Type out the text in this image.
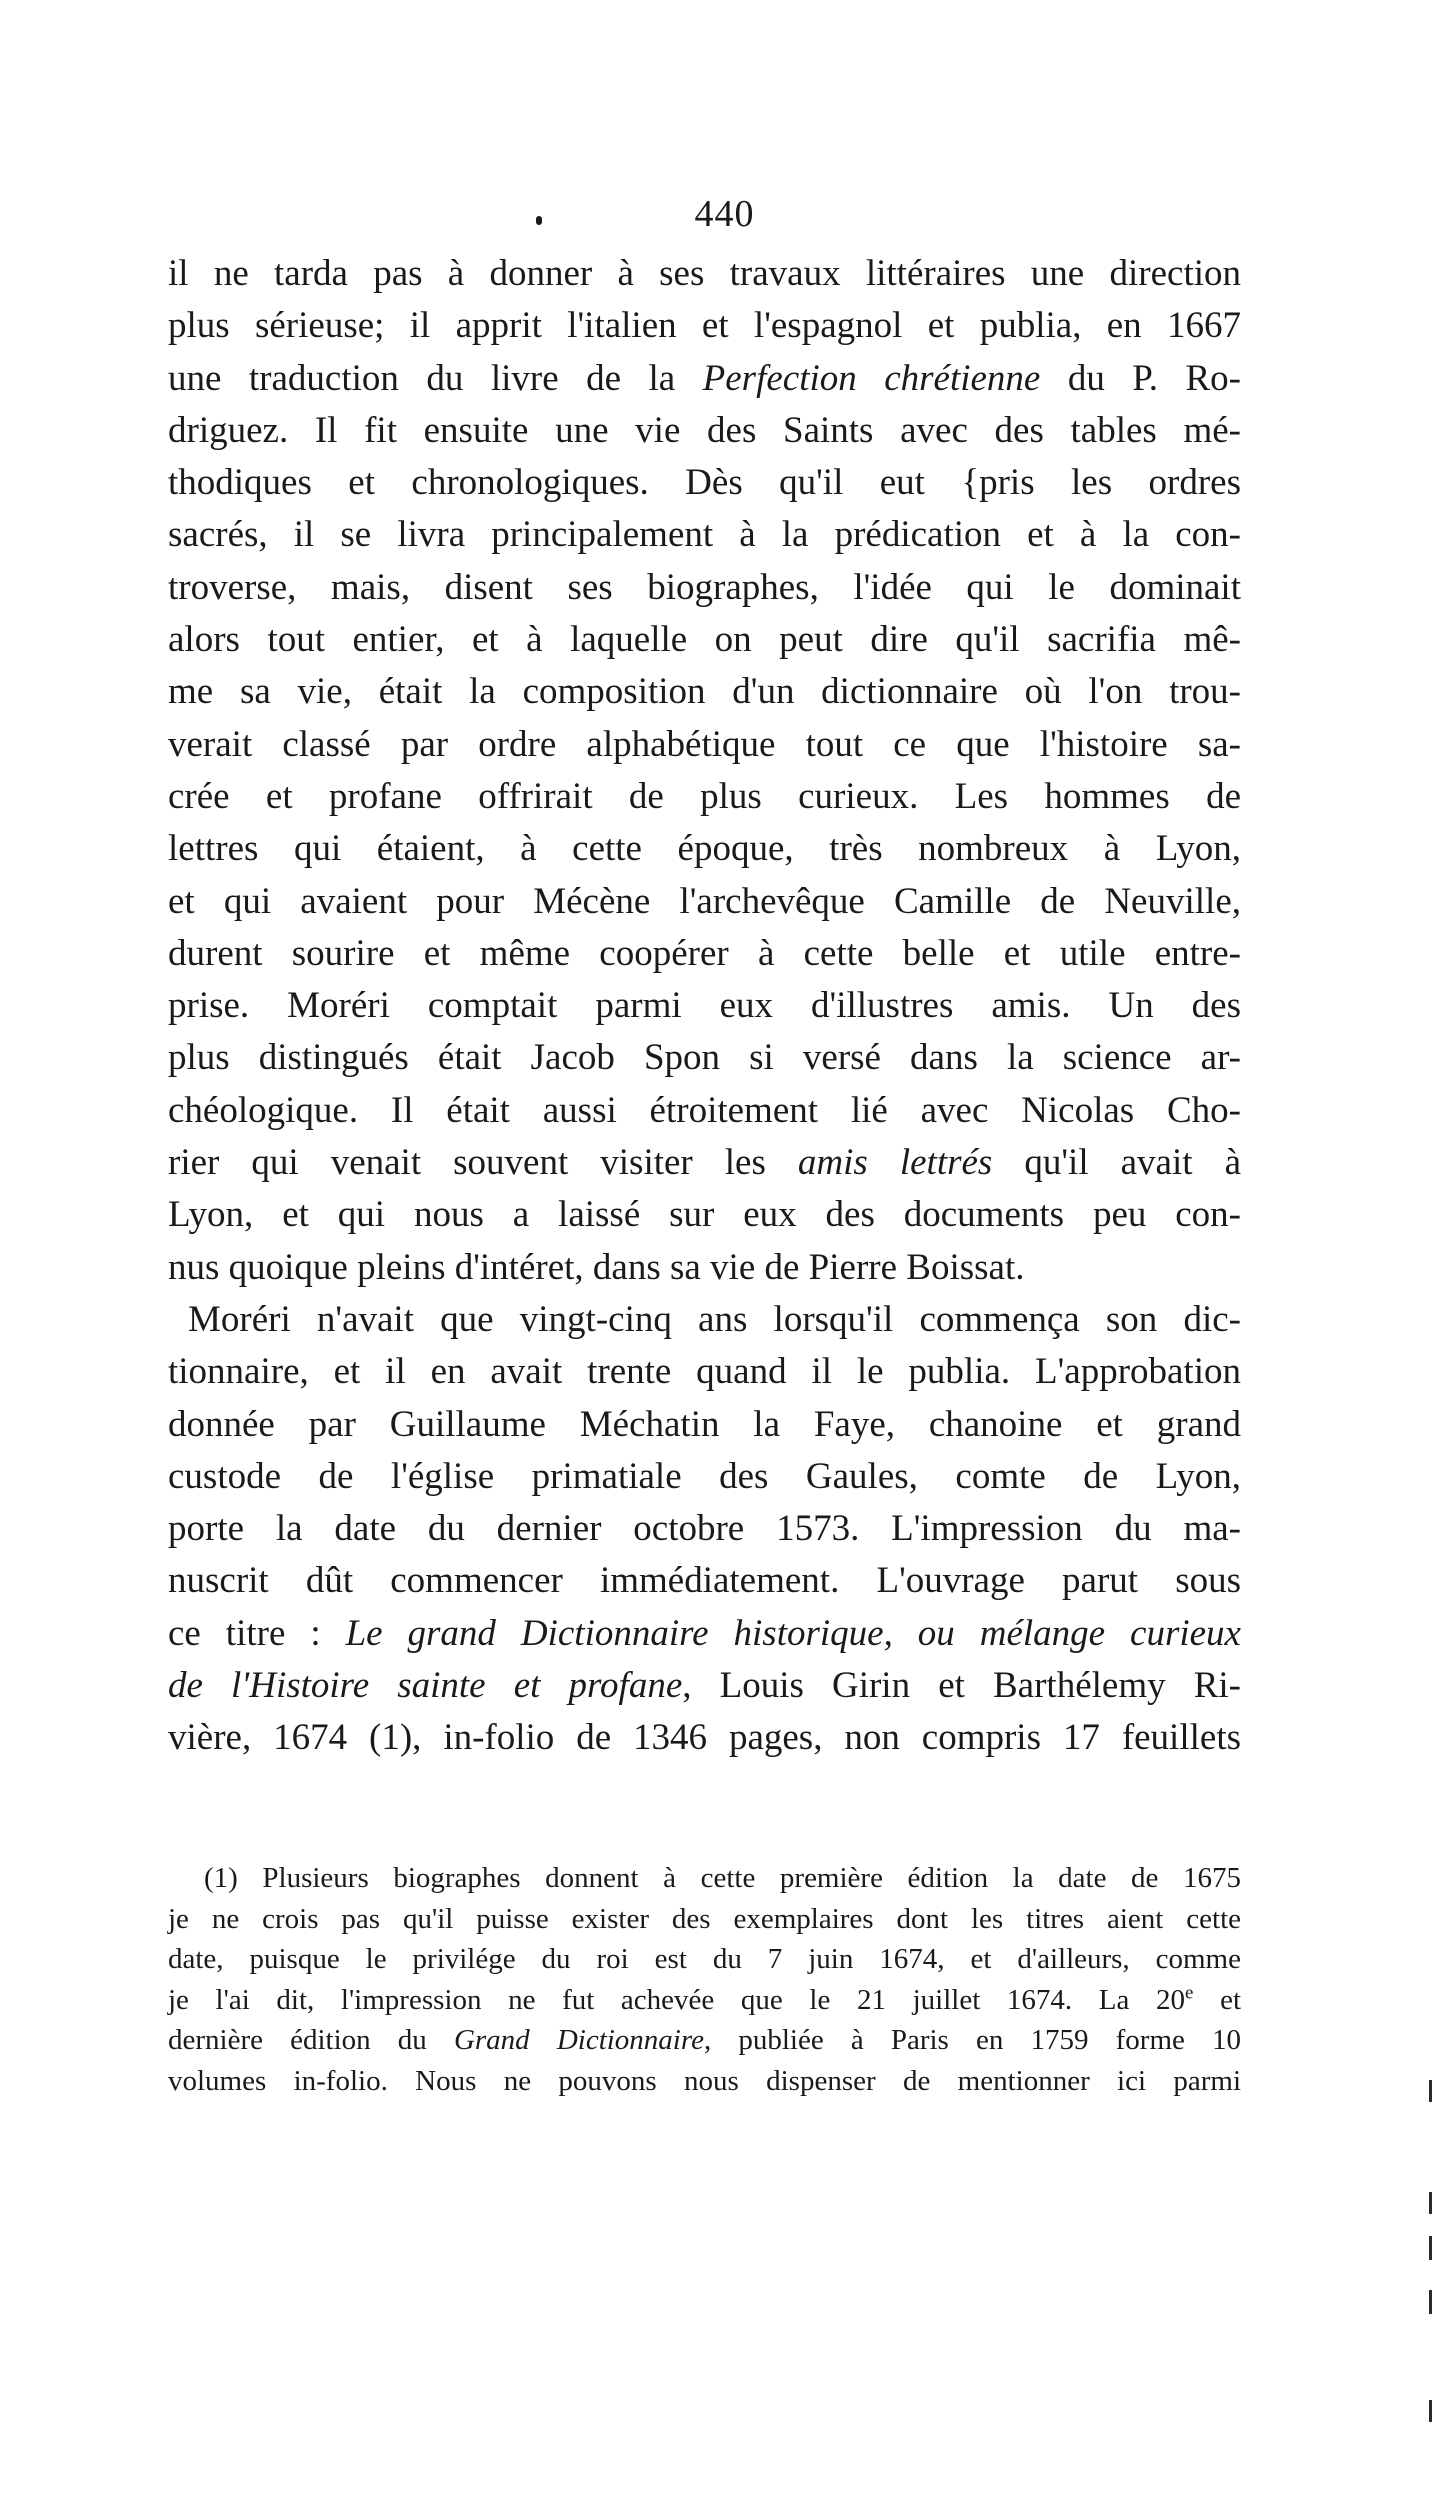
440
il ne tarda pas à donner à ses travaux littéraires une direction
plus sérieuse; il apprit l'italien et l'espagnol et publia, en 1667
une traduction du livre de la Perfection chrétienne du P. Ro-
driguez. Il fit ensuite une vie des Saints avec des tables mé-
thodiques et chronologiques. Dès qu'il eut {pris les ordres
sacrés, il se livra principalement à la prédication et à la con-
troverse, mais, disent ses biographes, l'idée qui le dominait
alors tout entier, et à laquelle on peut dire qu'il sacrifia mê-
me sa vie, était la composition d'un dictionnaire où l'on trou-
verait classé par ordre alphabétique tout ce que l'histoire sa-
crée et profane offrirait de plus curieux. Les hommes de
lettres qui étaient, à cette époque, très nombreux à Lyon,
et qui avaient pour Mécène l'archevêque Camille de Neuville,
durent sourire et même coopérer à cette belle et utile entre-
prise. Moréri comptait parmi eux d'illustres amis. Un des
plus distingués était Jacob Spon si versé dans la science ar-
chéologique. Il était aussi étroitement lié avec Nicolas Cho-
rier qui venait souvent visiter les amis lettrés qu'il avait à
Lyon, et qui nous a laissé sur eux des documents peu con-
nus quoique pleins d'intéret, dans sa vie de Pierre Boissat.
Moréri n'avait que vingt-cinq ans lorsqu'il commença son dic-
tionnaire, et il en avait trente quand il le publia. L'approbation
donnée par Guillaume Méchatin la Faye, chanoine et grand
custode de l'église primatiale des Gaules, comte de Lyon,
porte la date du dernier octobre 1573. L'impression du ma-
nuscrit dût commencer immédiatement. L'ouvrage parut sous
ce titre : Le grand Dictionnaire historique, ou mélange curieux
de l'Histoire sainte et profane, Louis Girin et Barthélemy Ri-
vière, 1674 (1), in-folio de 1346 pages, non compris 17 feuillets
(1) Plusieurs biographes donnent à cette première édition la date de 1675
je ne crois pas qu'il puisse exister des exemplaires dont les titres aient cette
date, puisque le privilége du roi est du 7 juin 1674, et d'ailleurs, comme
je l'ai dit, l'impression ne fut achevée que le 21 juillet 1674. La 20e et
dernière édition du Grand Dictionnaire, publiée à Paris en 1759 forme 10
volumes in-folio. Nous ne pouvons nous dispenser de mentionner ici parmi
